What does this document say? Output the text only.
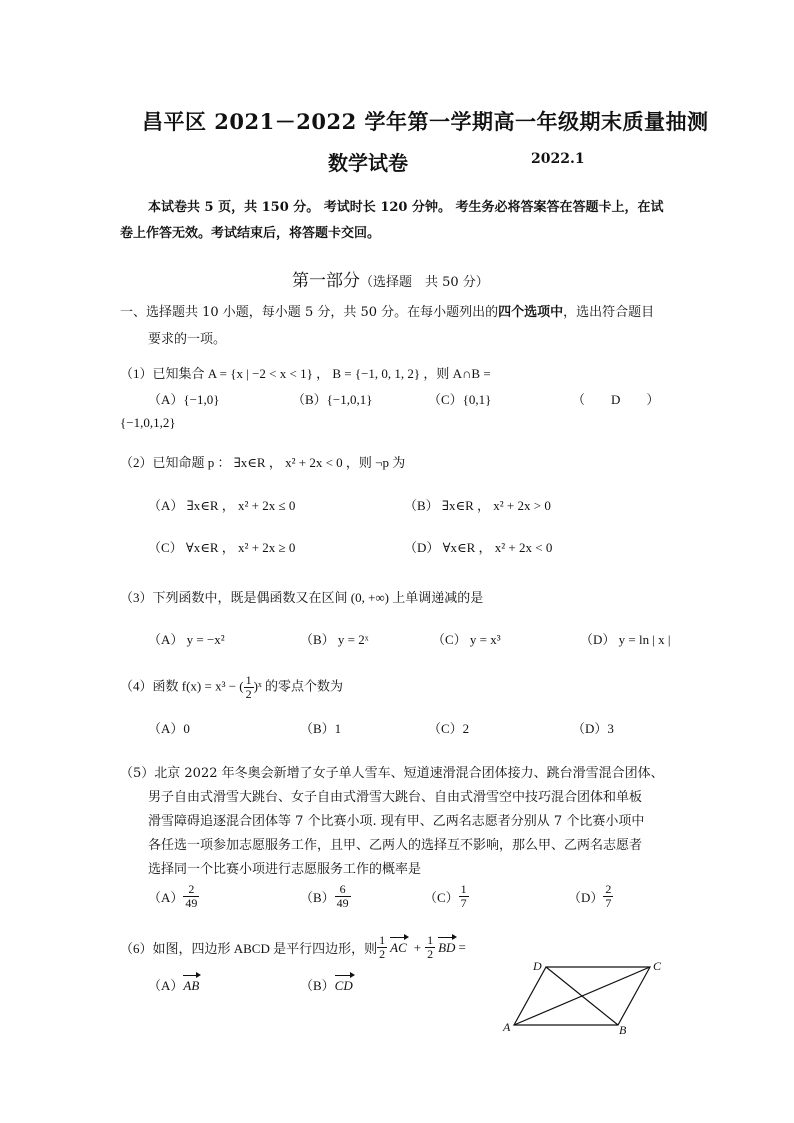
昌平区 2021－2022 学年第一学期高一年级期末质量抽测
数学试卷	2022.1
本试卷共 5 页，共 150 分。 考试时长 120 分钟。 考生务必将答案答在答题卡上，在试
卷上作答无效。考试结束后，将答题卡交回。
第一部分（选择题　共 50 分）
一、选择题共 10 小题，每小题 5 分，共 50 分。在每小题列出的四个选项中，选出符合题目
要求的一项。
（1）已知集合 A = {x | −2 < x < 1} ， B = {−1, 0, 1, 2} ，则 A∩B =
（A）{−1,0}	（B）{−1,0,1}	（C）{0,1}	（　　D　　）
{−1,0,1,2}
（2）已知命题 p ： ∃x∈R ， x² + 2x < 0 ，则 ¬p 为
（A） ∃x∈R ， x² + 2x ≤ 0	（B） ∃x∈R ， x² + 2x > 0
（C） ∀x∈R ， x² + 2x ≥ 0	（D） ∀x∈R ， x² + 2x < 0
（3）下列函数中，既是偶函数又在区间 (0, +∞) 上单调递减的是
（A） y = −x²	（B） y = 2ˣ	（C） y = x³	（D） y = ln | x |
（4）函数 f(x) = x³ − ( $\frac{1}{2}$ )ˣ 的零点个数为
（A）0	（B）1	（C）2	（D）3
（5）北京 2022 年冬奥会新增了女子单人雪车、短道速滑混合团体接力、跳台滑雪混合团体、
男子自由式滑雪大跳台、女子自由式滑雪大跳台、自由式滑雪空中技巧混合团体和单板
滑雪障碍追逐混合团体等 7 个比赛小项. 现有甲、乙两名志愿者分别从 7 个比赛小项中
各任选一项参加志愿服务工作，且甲、乙两人的选择互不影响，那么甲、乙两名志愿者
选择同一个比赛小项进行志愿服务工作的概率是
$(A) \frac{2}{49}$	$(B) \frac{6}{49}$	$(C) \frac{1}{7}$	$(D) \frac{2}{7}$
（6）如图，四边形 ABCD 是平行四边形，则 $\frac{1}{2}$ AC + $\frac{1}{2}$ BD =
（A）AB	（B）CD
A	B
C
D
